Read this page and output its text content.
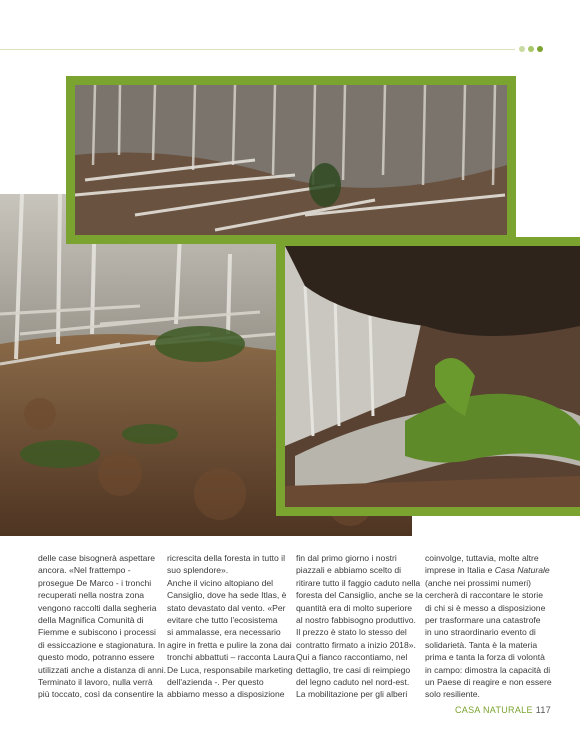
delle case bisognerà aspettare

ancora. «Nel frattempo -

prosegue De Marco - i tronchi

recuperati nella nostra zona

vengono raccolti dalla segheria

della Magnifica Comunità di

Fiemme e subiscono i processi

di essiccazione e stagionatura. In

questo modo, potranno essere

utilizzati anche a distanza di anni.

Terminato il lavoro, nulla verrà

più toccato, così da consentire la

ricrescita della foresta in tutto il

suo splendore».

Anche il vicino altopiano del

Cansiglio, dove ha sede Itlas, è

stato devastato dal vento. «Per

evitare che tutto l'ecosistema

si ammalasse, era necessario

agire in fretta e pulire la zona dai

tronchi abbattuti – racconta Laura

De Luca, responsabile marketing

dell'azienda -. Per questo

abbiamo messo a disposizione

fin dal primo giorno i nostri

piazzali e abbiamo scelto di

ritirare tutto il faggio caduto nella

foresta del Cansiglio, anche se la

quantità era di molto superiore

al nostro fabbisogno produttivo.

Il prezzo è stato lo stesso del

contratto firmato a inizio 2018».

Qui a fianco raccontiamo, nel

dettaglio, tre casi di reimpiego

del legno caduto nel nord-est.

La mobilitazione per gli alberi

coinvolge, tuttavia, molte altre

imprese in Italia e Casa Naturale

(anche nei prossimi numeri)

cercherà di raccontare le storie

di chi si è messo a disposizione

per trasformare una catastrofe

in uno straordinario evento di

solidarietà. Tanta è la materia

prima e tanta la forza di volontà

in campo: dimostra la capacità di

un Paese di reagire e non essere

solo resiliente.

CASA NATURALE 117
